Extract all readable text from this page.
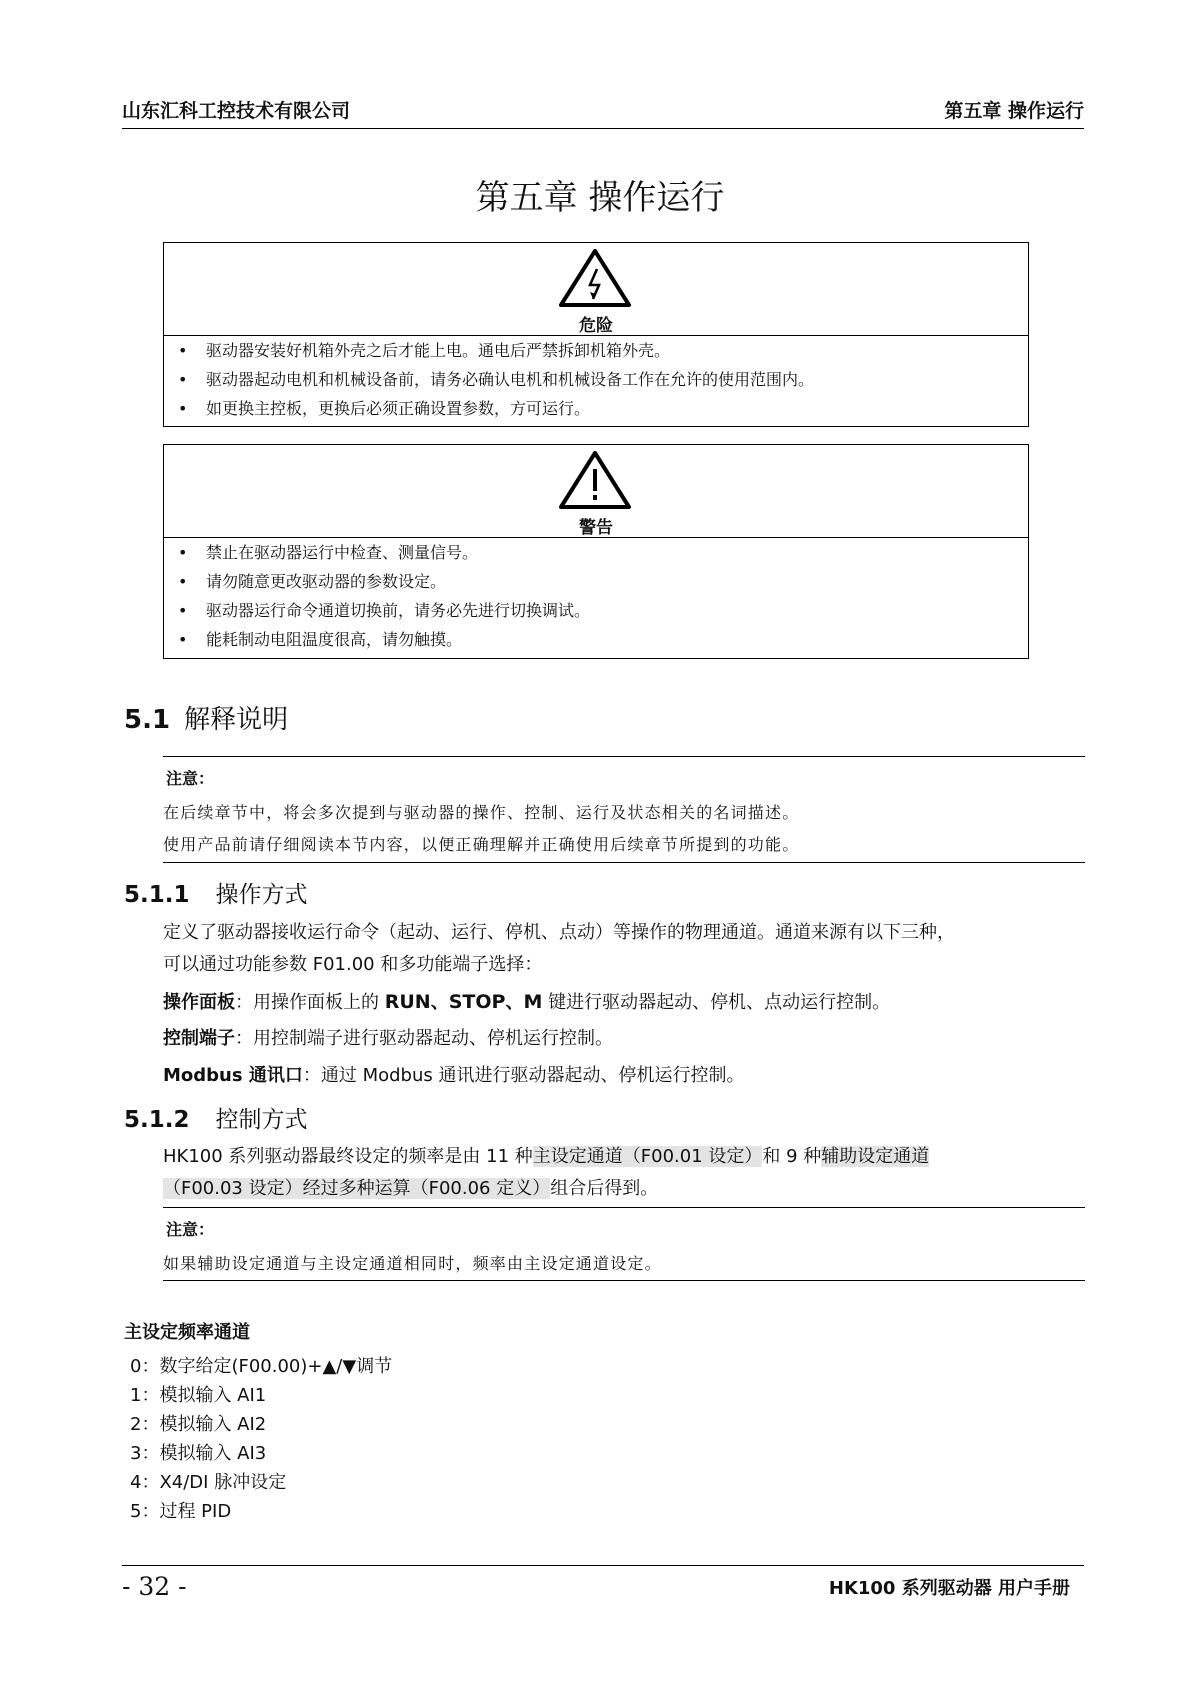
山东汇科工控技术有限公司	第五章 操作运行
第五章 操作运行
危险
• 驱动器安装好机箱外壳之后才能上电。通电后严禁拆卸机箱外壳。
• 驱动器起动电机和机械设备前，请务必确认电机和机械设备工作在允许的使用范围内。
• 如更换主控板，更换后必须正确设置参数，方可运行。
警告
• 禁止在驱动器运行中检查、测量信号。
• 请勿随意更改驱动器的参数设定。
• 驱动器运行命令通道切换前，请务必先进行切换调试。
• 能耗制动电阻温度很高，请勿触摸。
5.1 解释说明
注意：
在后续章节中，将会多次提到与驱动器的操作、控制、运行及状态相关的名词描述。
使用产品前请仔细阅读本节内容，以便正确理解并正确使用后续章节所提到的功能。
5.1.1 操作方式
定义了驱动器接收运行命令（起动、运行、停机、点动）等操作的物理通道。通道来源有以下三种，
可以通过功能参数 F01.00 和多功能端子选择：
操作面板：用操作面板上的 RUN、STOP、M 键进行驱动器起动、停机、点动运行控制。
控制端子：用控制端子进行驱动器起动、停机运行控制。
Modbus 通讯口：通过 Modbus 通讯进行驱动器起动、停机运行控制。
5.1.2 控制方式
HK100 系列驱动器最终设定的频率是由 11 种主设定通道（F00.01 设定）和 9 种辅助设定通道
（F00.03 设定）经过多种运算（F00.06 定义）组合后得到。
注意：
如果辅助设定通道与主设定通道相同时，频率由主设定通道设定。
主设定频率通道
0：数字给定(F00.00)+▲/▼调节
1：模拟输入 AI1
2：模拟输入 AI2
3：模拟输入 AI3
4：X4/DI 脉冲设定
5：过程 PID
- 32 -	HK100 系列驱动器 用户手册
